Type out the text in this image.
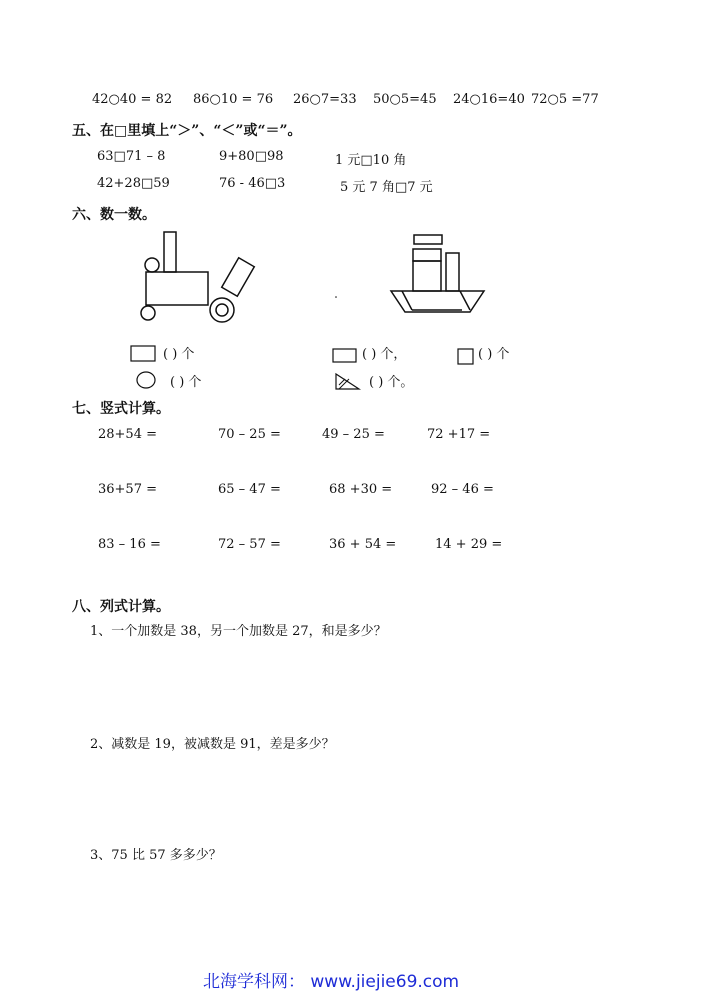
42○40 = 82 86○10 = 76 26○7=33 50○5=45 24○16=40 72○5 =77
五、在□里填上“＞”、“＜”或“＝”。
63□71 – 8	9+80□98	1 元□10 角
42+28□59	76 - 46□3	5 元 7 角□7 元
六、数一数。
( ) 个
( ) 个
( ) 个，	( ) 个
( ) 个。
七、竖式计算。
28+54 =	70 – 25 =	49 – 25 =	72 +17 =
36+57 =	65 – 47 =	68 +30 =	92 – 46 =
83 – 16 =	72 – 57 =	36 + 54 =	14 + 29 =
八、列式计算。
1、一个加数是 38，另一个加数是 27，和是多少？
2、减数是 19，被减数是 91，差是多少？
3、75 比 57 多多少？
北海学科网： www.jiejie69.com
